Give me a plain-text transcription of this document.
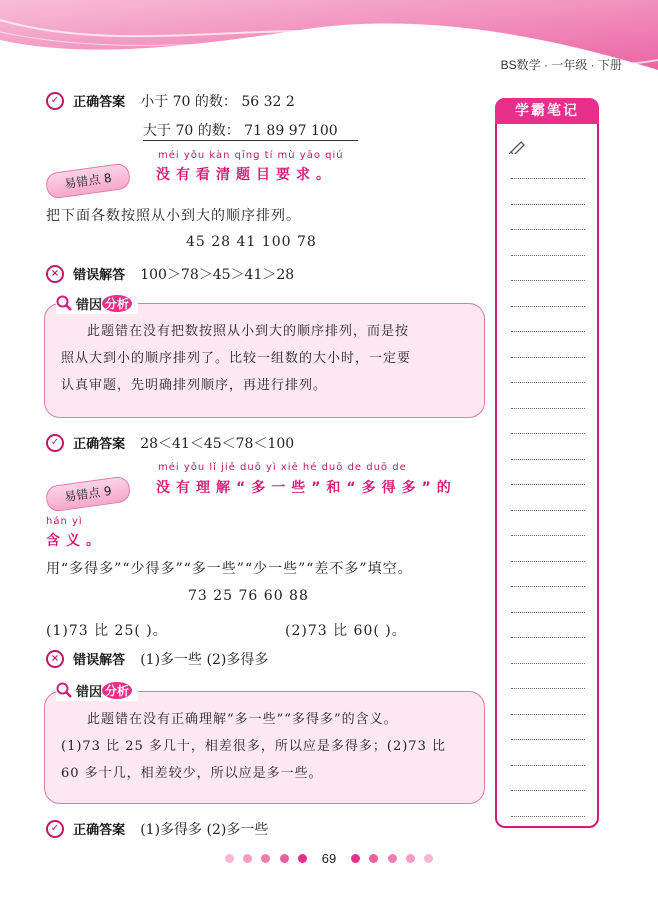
BS数学 · 一年级 · 下册
✓ 正确答案 小于 70 的数： 56 32 2
大于 70 的数： 71 89 97 100
易错点 8
méi yǒu kàn qīng tí mù yāo qiú
没有看清题目要求。
把下面各数按照从小到大的顺序排列。
45 28 41 100 78
× 错误解答 100＞78＞45＞41＞28
此题错在没有把数按照从小到大的顺序排列，而是按
照从大到小的顺序排列了。比较一组数的大小时，一定要
认真审题，先明确排列顺序，再进行排列。
错因 分析
✓ 正确答案 28＜41＜45＜78＜100
易错点 9
méi yǒu lǐ jiě duō yì xiē hé duō de duō de
没有理解“多一些”和“多得多”的
hán yì
含义。
用“多得多”“少得多”“多一些”“少一些”“差不多”填空。
73 25 76 60 88
(1)73 比 25( )。	(2)73 比 60( )。
× 错误解答 (1)多一些 (2)多得多
此题错在没有正确理解“多一些”“多得多”的含义。
(1)73 比 25 多几十，相差很多，所以应是多得多；(2)73 比
60 多十几，相差较少，所以应是多一些。
错因 分析
✓ 正确答案 (1)多得多 (2)多一些
学霸笔记
69
